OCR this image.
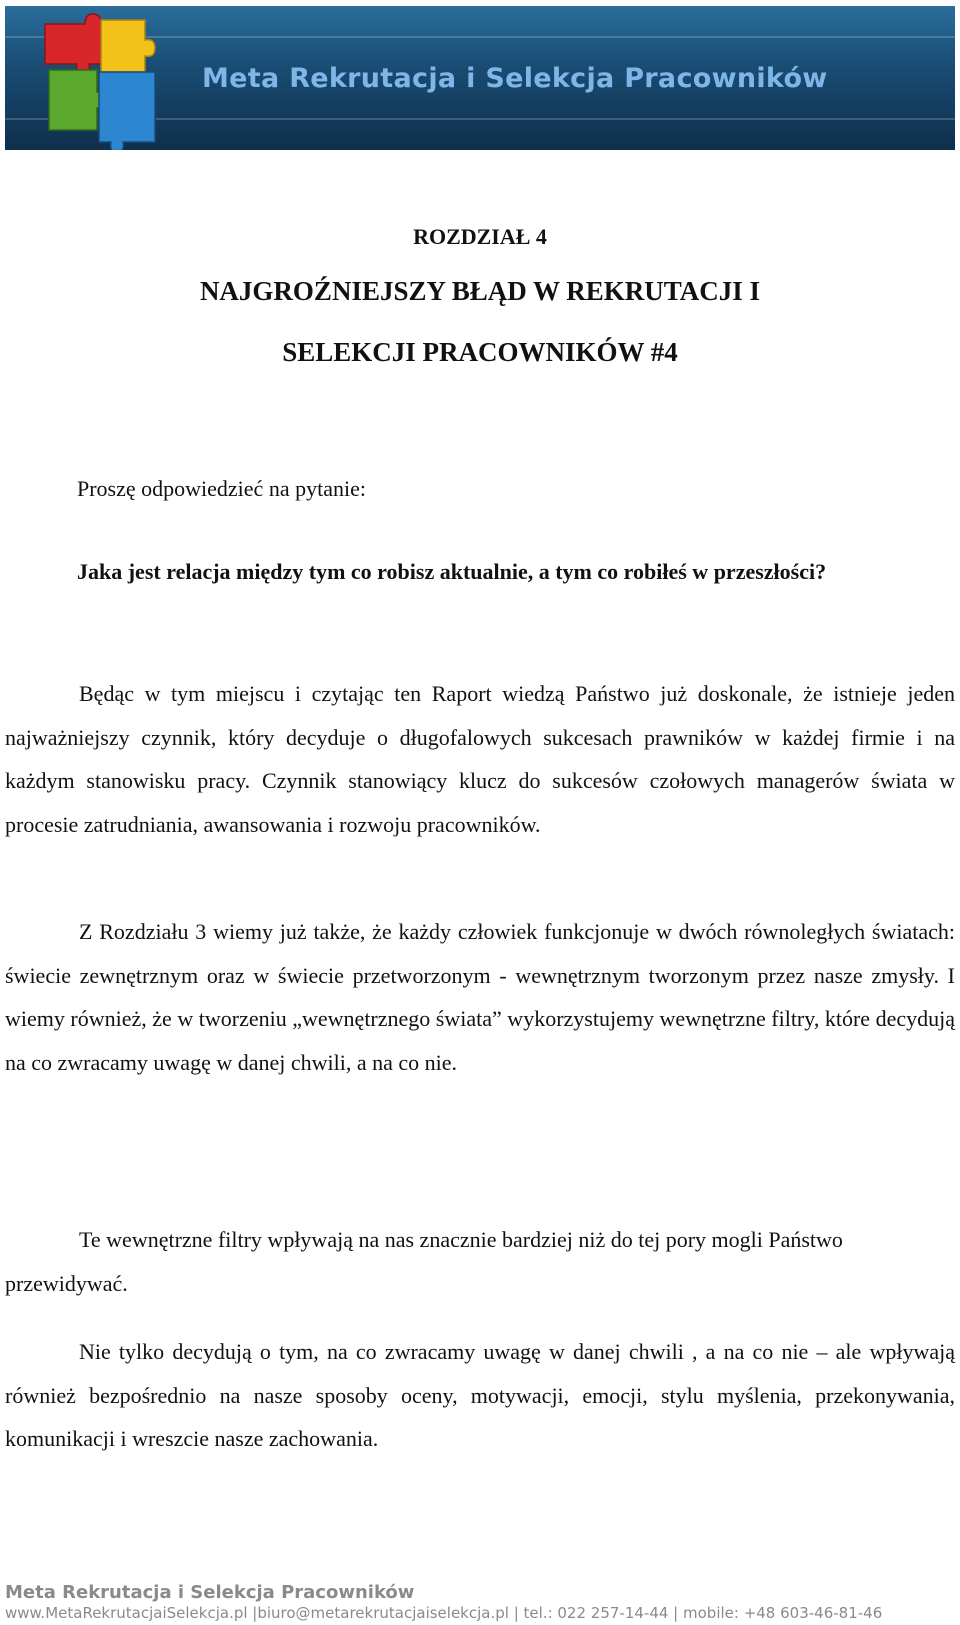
Meta Rekrutacja i Selekcja Pracowników
ROZDZIAŁ 4
NAJGROŹNIEJSZY BŁĄD W REKRUTACJI I
SELEKCJI PRACOWNIKÓW #4
Proszę odpowiedzieć na pytanie:
Jaka jest relacja między tym co robisz aktualnie, a tym co robiłeś w przeszłości?
Będąc w tym miejscu i czytając ten Raport wiedzą Państwo już doskonale, że istnieje jeden najważniejszy czynnik, który decyduje o długofalowych sukcesach prawników w każdej firmie i na każdym stanowisku pracy. Czynnik stanowiący klucz do sukcesów czołowych managerów świata w procesie zatrudniania, awansowania i rozwoju pracowników.
Z Rozdziału 3 wiemy już także, że każdy człowiek funkcjonuje w dwóch równoległych światach: świecie zewnętrznym oraz w świecie przetworzonym - wewnętrznym tworzonym przez nasze zmysły. I wiemy również, że w tworzeniu „wewnętrznego świata” wykorzystujemy wewnętrzne filtry, które decydują na co zwracamy uwagę w danej chwili, a na co nie.
Te wewnętrzne filtry wpływają na nas znacznie bardziej niż do tej pory mogli Państwo przewidywać.
Nie tylko decydują o tym, na co zwracamy uwagę w danej chwili , a na co nie – ale wpływają również bezpośrednio na nasze sposoby oceny, motywacji, emocji, stylu myślenia, przekonywania, komunikacji i wreszcie nasze zachowania.
Meta Rekrutacja i Selekcja Pracowników
www.MetaRekrutacjaiSelekcja.pl |biuro@metarekrutacjaiselekcja.pl | tel.: 022 257-14-44 | mobile: +48 603-46-81-46
